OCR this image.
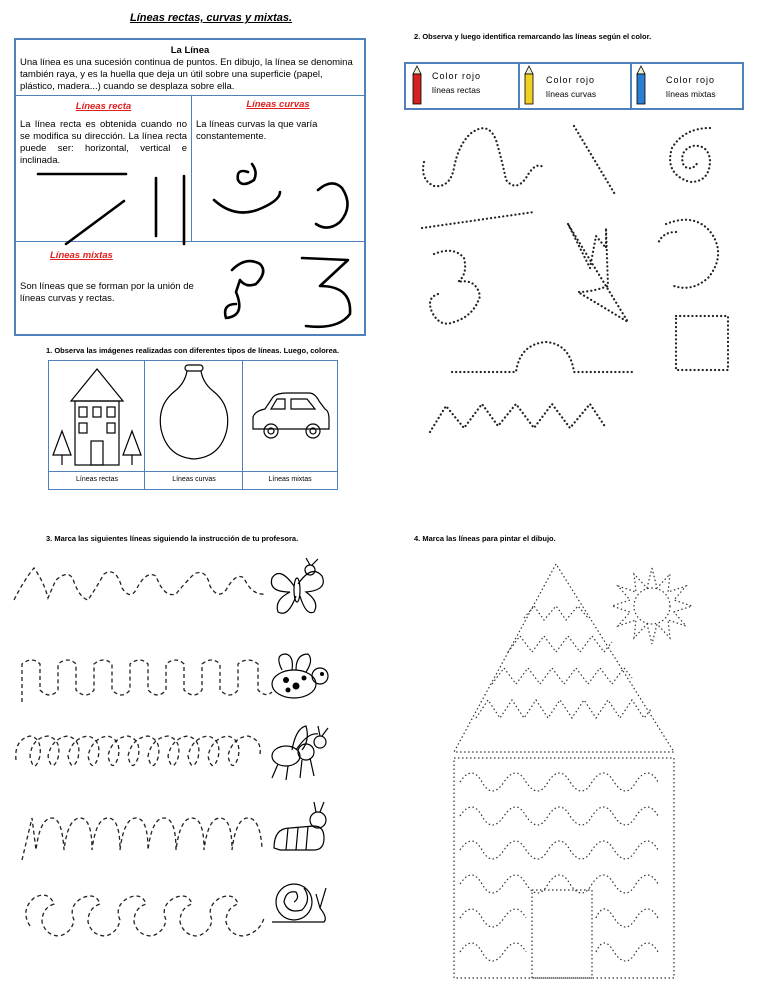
Líneas rectas, curvas y mixtas.
La Línea
Una línea es una sucesión continua de puntos. En dibujo, la línea se denomina también raya, y es la huella que deja un útil sobre una superficie (papel, plástico, madera...) cuando se desplaza sobre ella.
Líneas recta
La línea recta es obtenida cuando no se modifica su dirección. La línea recta puede ser: horizontal, vertical e inclinada.
Líneas curvas
La líneas curvas la que varía constantemente.
Líneas mixtas
Son líneas que se forman por la unión de líneas curvas y rectas.
1. Observa las imágenes realizadas con diferentes tipos de líneas. Luego, colorea.
Líneas rectas	Líneas curvas	Líneas mixtas
2. Observa y luego identifica remarcando las líneas según el color.
Color rojo
líneas rectas
Color rojo
líneas curvas
Color rojo
líneas mixtas
3. Marca las siguientes líneas siguiendo la instrucción de tu profesora.	4. Marca las líneas para pintar el dibujo.
